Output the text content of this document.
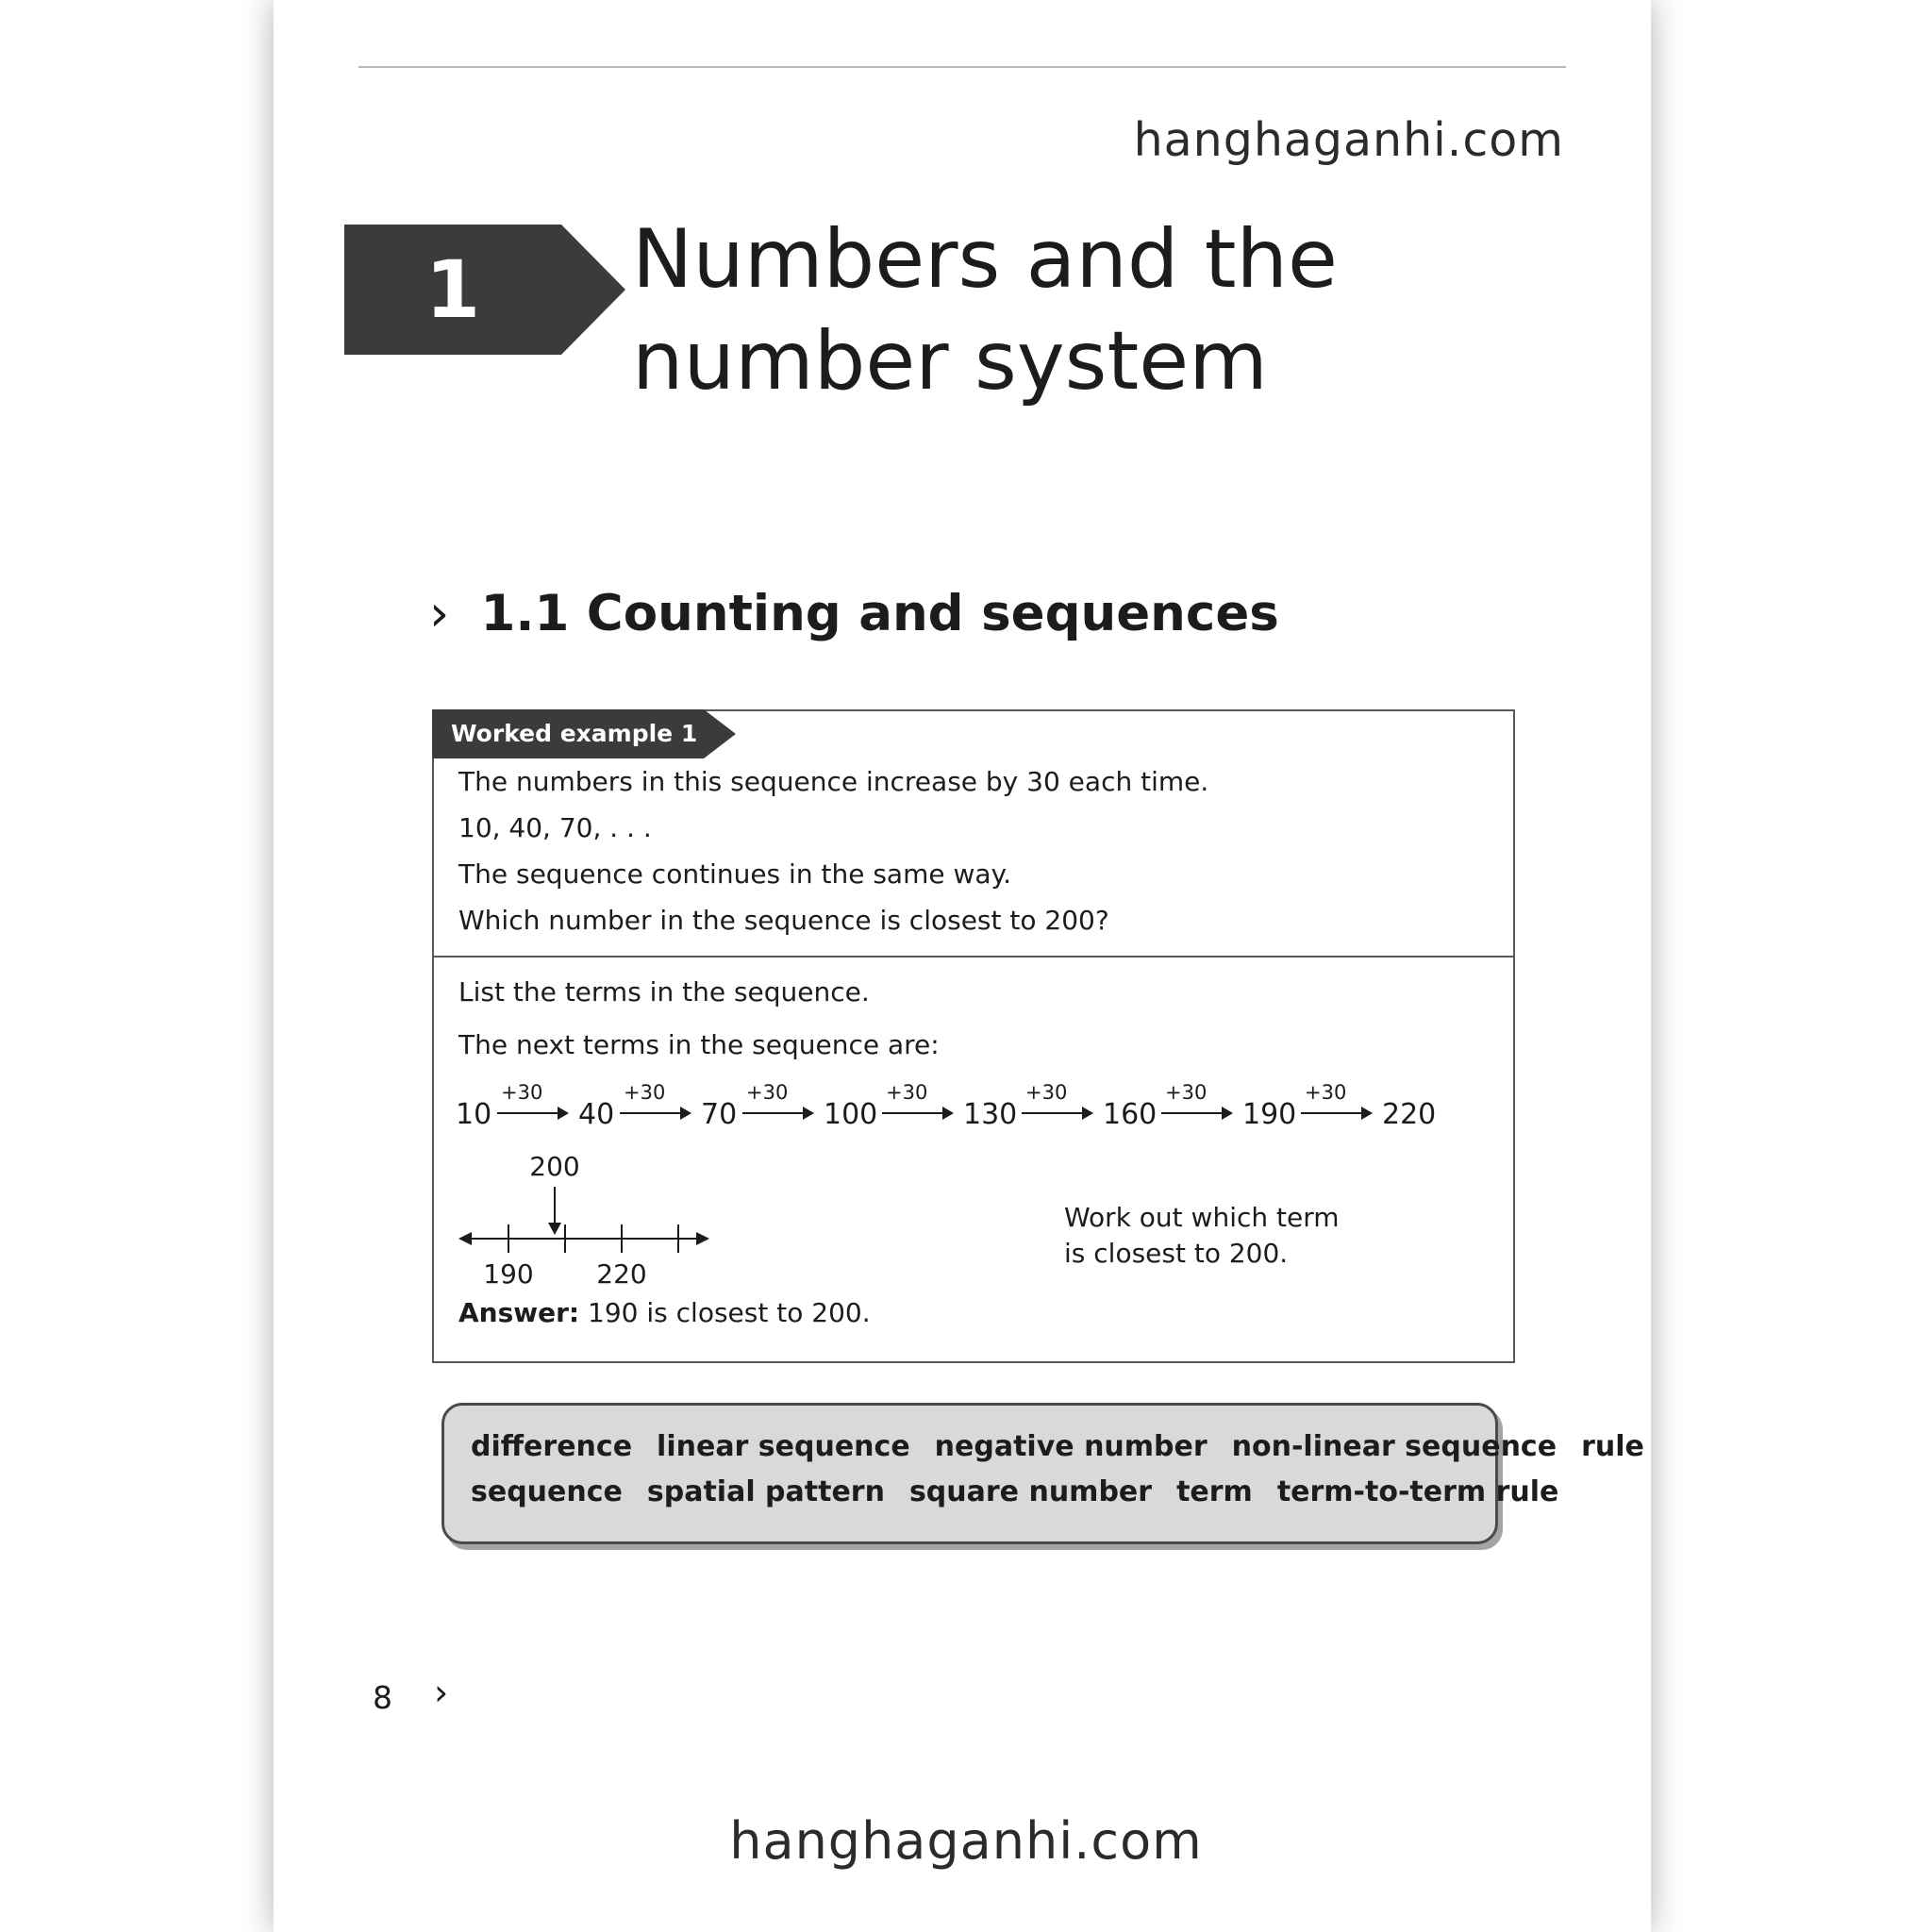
hanghaganhi.com
1	Numbers and the number system
› 1.1 Counting and sequences
Worked example 1

The numbers in this sequence increase by 30 each time.

10, 40, 70, . . .

The sequence continues in the same way.

Which number in the sequence is closest to 200?

List the terms in the sequence.

The next terms in the sequence are:

10
+30
40
+30
70
+30
100
+30
130
+30
160
+30
190
+30
220
190 220
200
Work out which term is closest to 200.
Answer: 190 is closest to 200.
difference linear sequence negative number non-linear sequence rule
sequence spatial pattern square number term term-to-term rule
8 ›
hanghaganhi.com
